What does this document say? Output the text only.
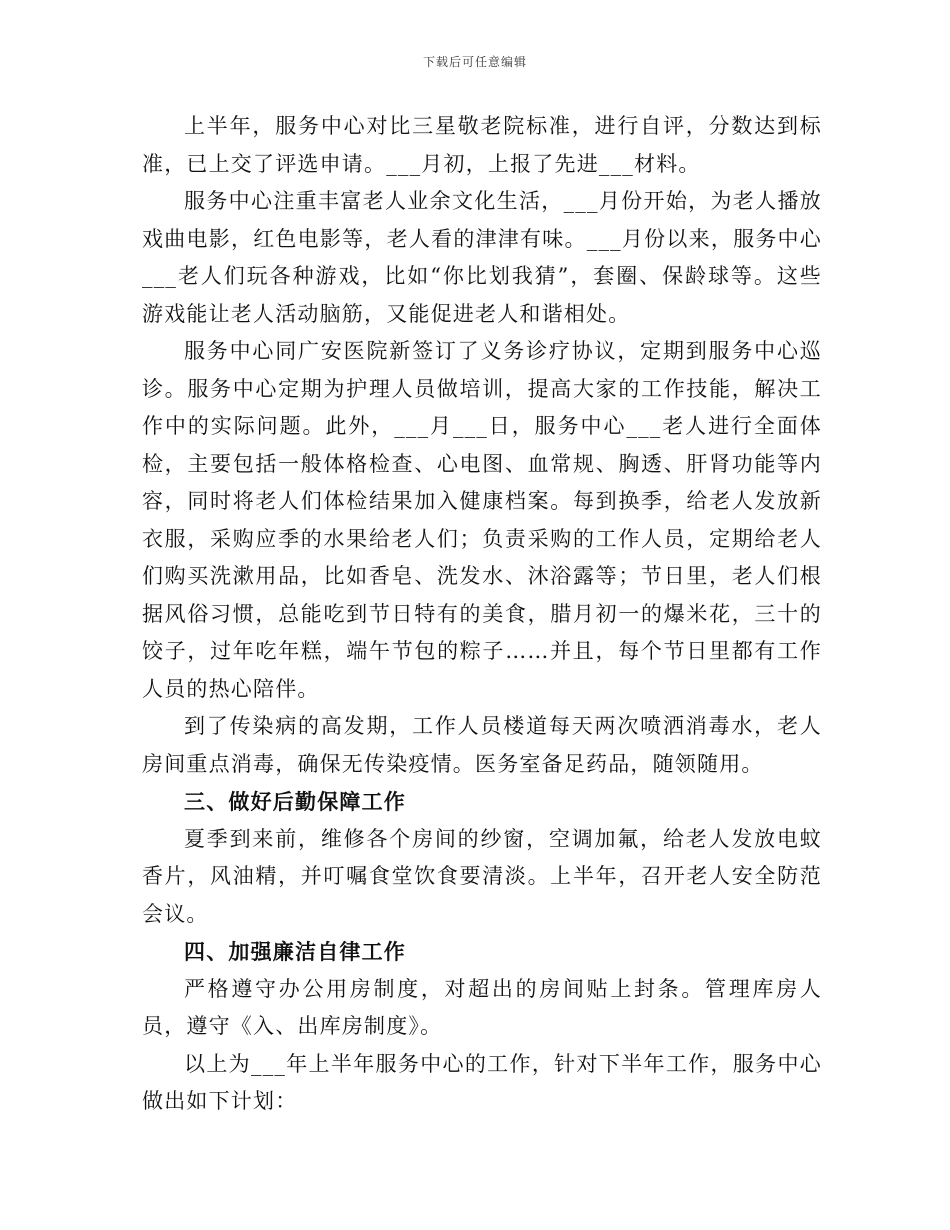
下载后可任意编辑

上半年，服务中心对比三星敬老院标准，进行自评，分数达到标准，已上交了评选申请。___月初，上报了先进___材料。

服务中心注重丰富老人业余文化生活，___月份开始，为老人播放戏曲电影，红色电影等，老人看的津津有味。___月份以来，服务中心___老人们玩各种游戏，比如“你比划我猜”，套圈、保龄球等。这些游戏能让老人活动脑筋，又能促进老人和谐相处。

服务中心同广安医院新签订了义务诊疗协议，定期到服务中心巡诊。服务中心定期为护理人员做培训，提高大家的工作技能，解决工作中的实际问题。此外，___月___日，服务中心___老人进行全面体检，主要包括一般体格检查、心电图、血常规、胸透、肝肾功能等内容，同时将老人们体检结果加入健康档案。每到换季，给老人发放新衣服，采购应季的水果给老人们；负责采购的工作人员，定期给老人们购买洗漱用品，比如香皂、洗发水、沐浴露等；节日里，老人们根据风俗习惯，总能吃到节日特有的美食，腊月初一的爆米花，三十的饺子，过年吃年糕，端午节包的粽子……并且，每个节日里都有工作人员的热心陪伴。

到了传染病的高发期，工作人员楼道每天两次喷洒消毒水，老人房间重点消毒，确保无传染疫情。医务室备足药品，随领随用。

三、做好后勤保障工作

夏季到来前，维修各个房间的纱窗，空调加氟，给老人发放电蚊香片，风油精，并叮嘱食堂饮食要清淡。上半年，召开老人安全防范会议。

四、加强廉洁自律工作

严格遵守办公用房制度，对超出的房间贴上封条。管理库房人员，遵守《入、出库房制度》。

以上为___年上半年服务中心的工作，针对下半年工作，服务中心做出如下计划：
